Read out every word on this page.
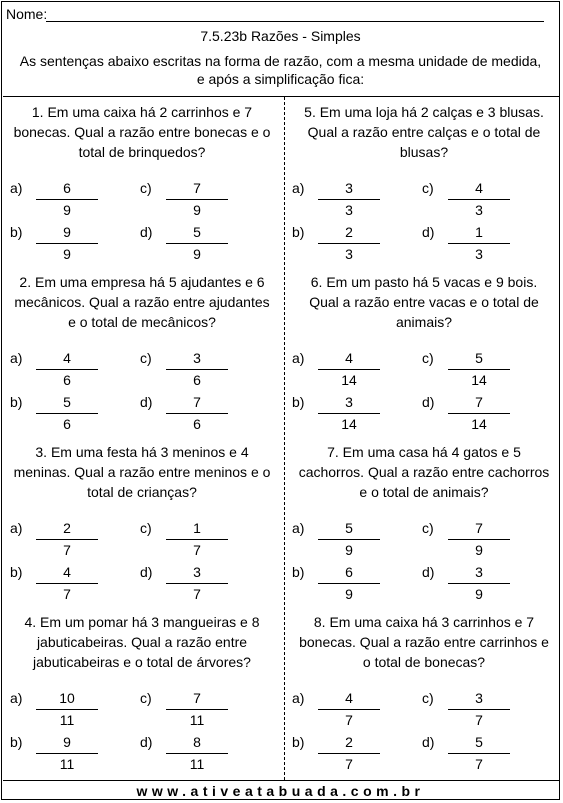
Nome:
7.5.23b Razões - Simples
As sentenças abaixo escritas na forma de razão, com a mesma unidade de medida,
e após a simplificação fica:
1. Em uma caixa há 2 carrinhos e 7
bonecas. Qual a razão entre bonecas e o
total de brinquedos?
a)	6
9
c)	7
9
b)	9
9
d)	5
9
5. Em uma loja há 2 calças e 3 blusas.
Qual a razão entre calças e o total de
blusas?
a)	3
3
c)	4
3
b)	2
3
d)	1
3
2. Em uma empresa há 5 ajudantes e 6
mecânicos. Qual a razão entre ajudantes
e o total de mecânicos?
a)	4
6
c)	3
6
b)	5
6
d)	7
6
6. Em um pasto há 5 vacas e 9 bois.
Qual a razão entre vacas e o total de
animais?
a)	4
14
c)	5
14
b)	3
14
d)	7
14
3. Em uma festa há 3 meninos e 4
meninas. Qual a razão entre meninos e o
total de crianças?
a)	2
7
c)	1
7
b)	4
7
d)	3
7
7. Em uma casa há 4 gatos e 5
cachorros. Qual a razão entre cachorros
e o total de animais?
a)	5
9
c)	7
9
b)	6
9
d)	3
9
4. Em um pomar há 3 mangueiras e 8
jabuticabeiras. Qual a razão entre
jabuticabeiras e o total de árvores?
a)	10
11
c)	7
11
b)	9
11
d)	8
11
8. Em uma caixa há 3 carrinhos e 7
bonecas. Qual a razão entre carrinhos e
o total de bonecas?
a)	4
7
c)	3
7
b)	2
7
d)	5
7
www.ativeatabuada.com.br
